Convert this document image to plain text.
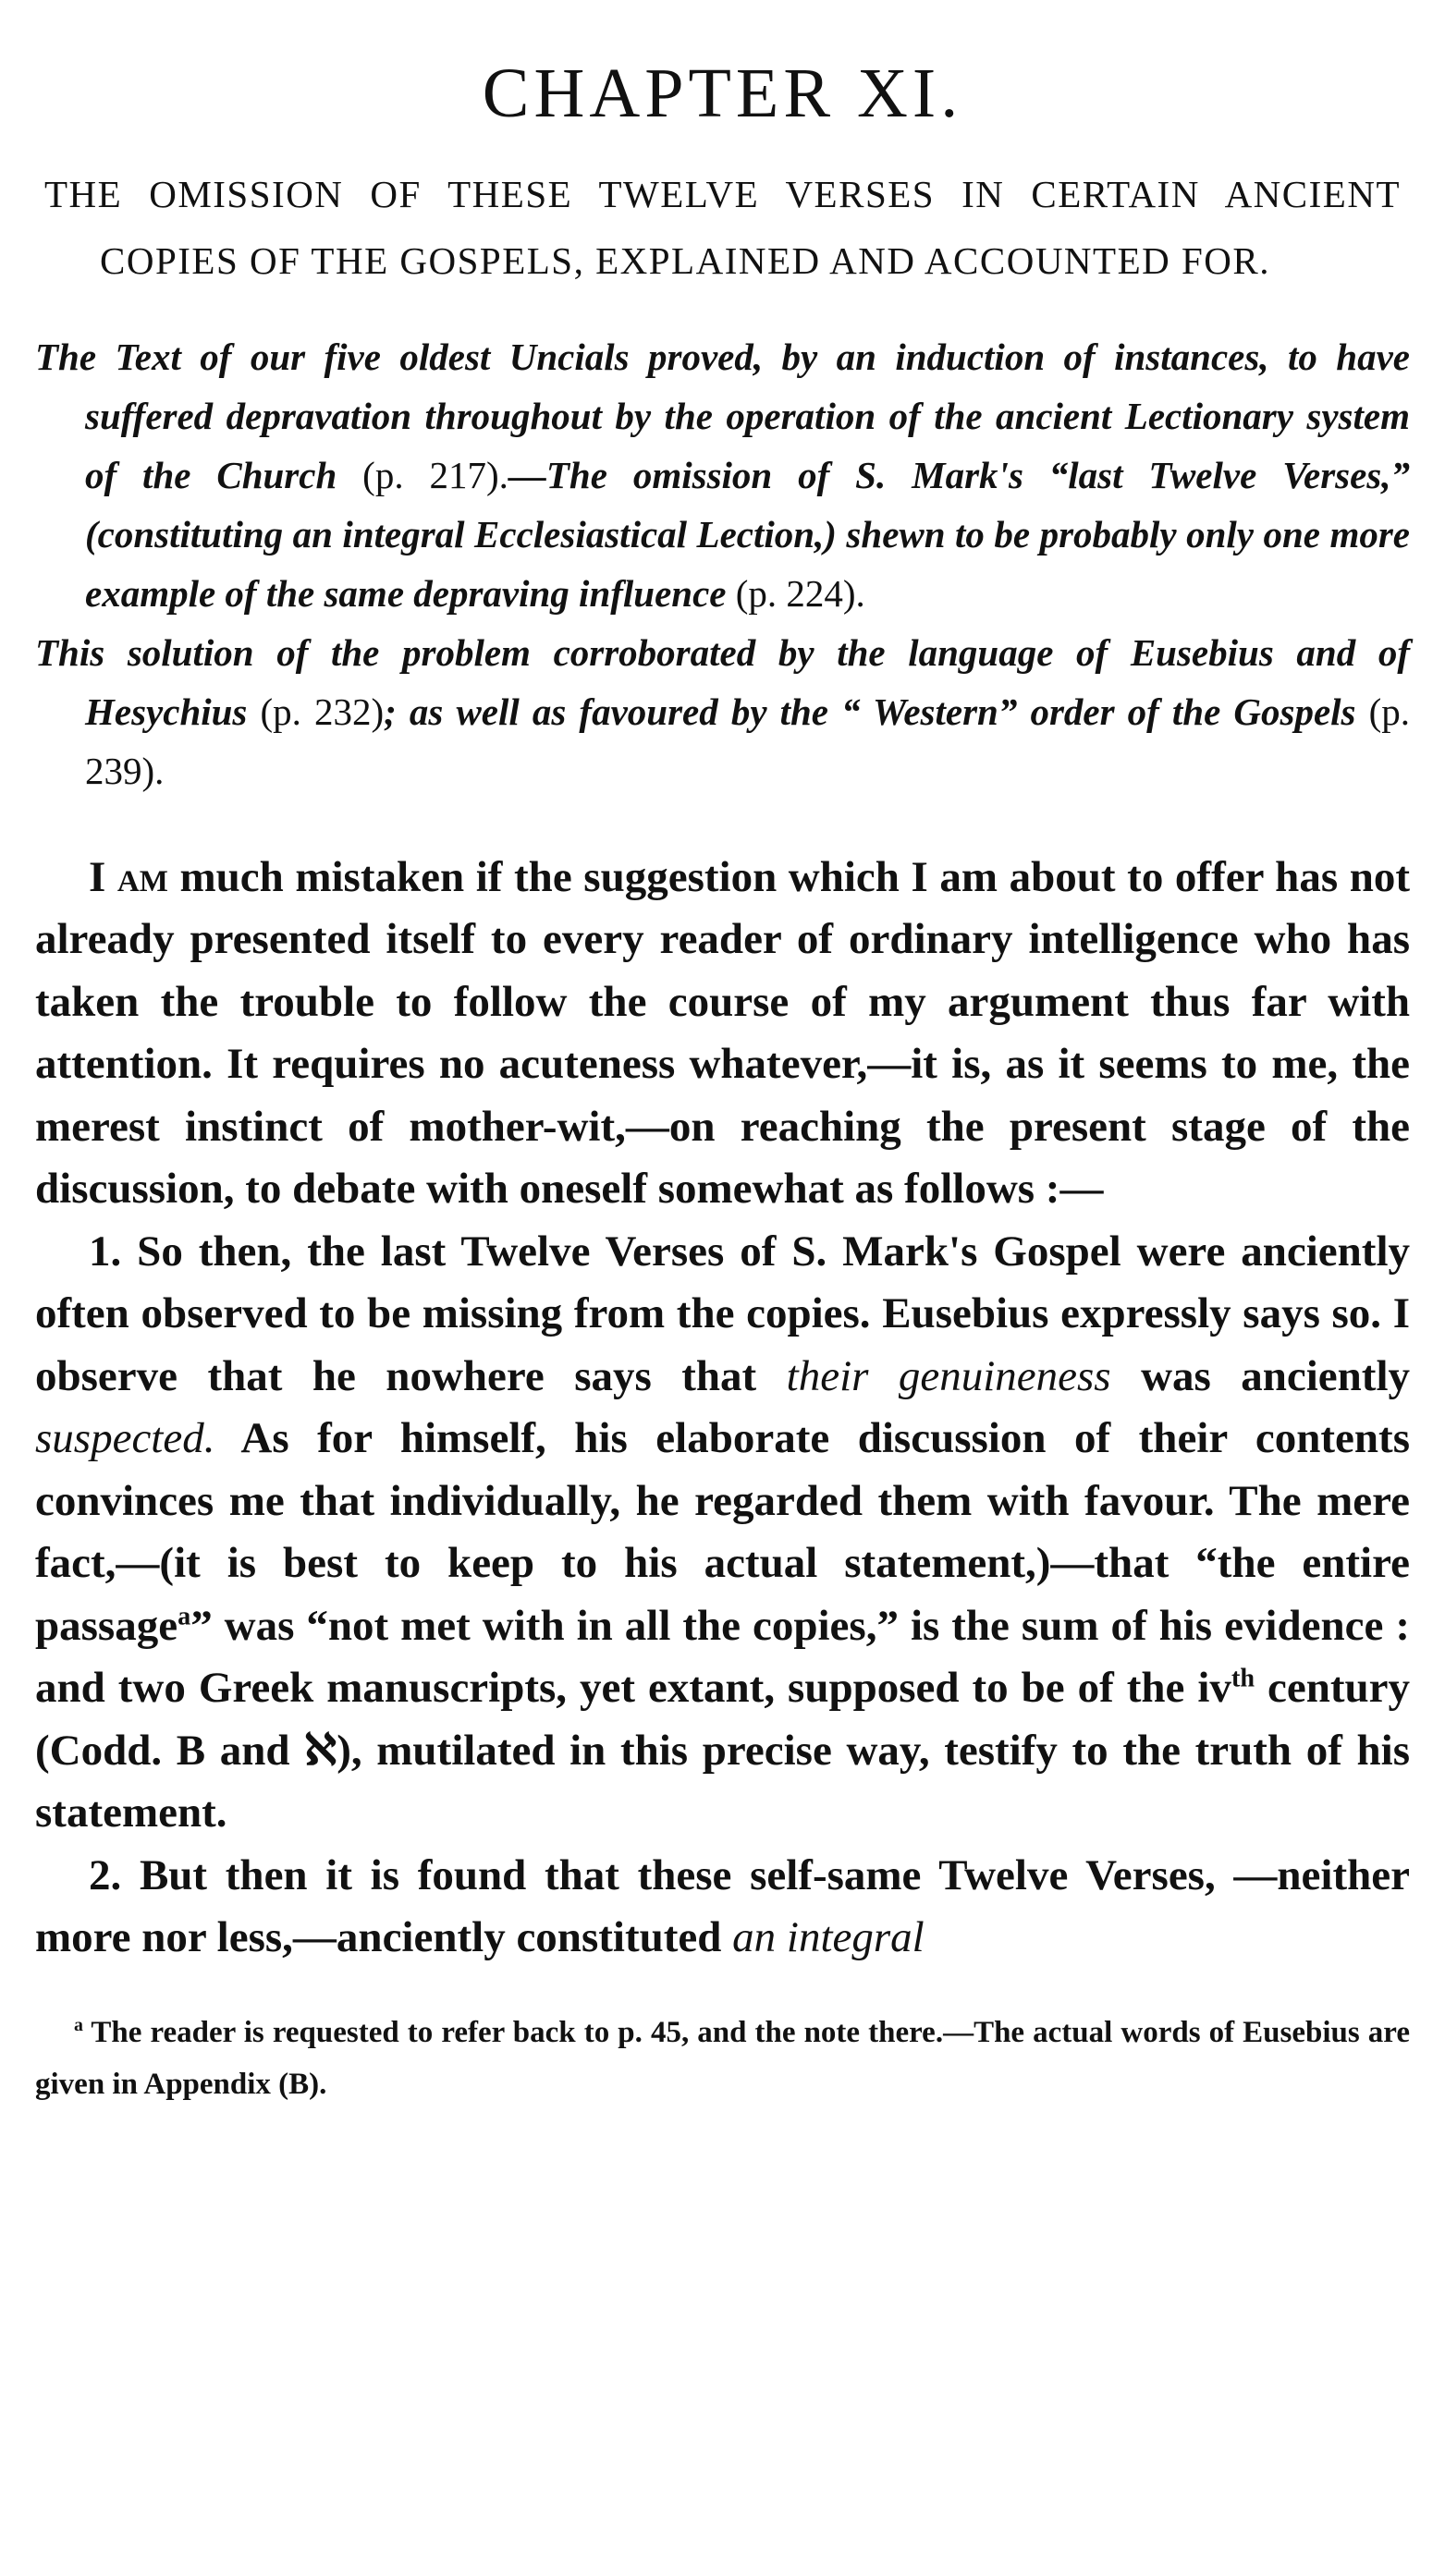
CHAPTER XI.
THE OMISSION OF THESE TWELVE VERSES IN CERTAIN ANCIENT COPIES OF THE GOSPELS, EXPLAINED AND ACCOUNTED FOR.

The Text of our five oldest Uncials proved, by an induction of instances, to have suffered depravation throughout by the operation of the ancient Lectionary system of the Church (p. 217).—The omission of S. Mark's “last Twelve Verses,” (constituting an integral Ecclesiastical Lection,) shewn to be probably only one more example of the same depraving influence (p. 224).

This solution of the problem corroborated by the language of Eusebius and of Hesychius (p. 232); as well as favoured by the “ Western” order of the Gospels (p. 239).

I am much mistaken if the suggestion which I am about to offer has not already presented itself to every reader of ordinary intelligence who has taken the trouble to follow the course of my argument thus far with attention. It requires no acuteness whatever,—it is, as it seems to me, the merest instinct of mother-wit,—on reaching the present stage of the discussion, to debate with oneself somewhat as follows :—

1. So then, the last Twelve Verses of S. Mark's Gospel were anciently often observed to be missing from the copies. Eusebius expressly says so. I observe that he nowhere says that their genuineness was anciently suspected. As for himself, his elaborate discussion of their contents convinces me that individually, he regarded them with favour. The mere fact,—(it is best to keep to his actual statement,)—that “the entire passage$^a$” was “not met with in all the copies,” is the sum of his evidence : and two Greek manuscripts, yet extant, supposed to be of the $iv^{th}$ century (Codd. B and ℵ), mutilated in this precise way, testify to the truth of his statement.

2. But then it is found that these self-same Twelve Verses, —neither more nor less,—anciently constituted an integral

$^a$ The reader is requested to refer back to p. 45, and the note there.—The actual words of Eusebius are given in Appendix (B).
